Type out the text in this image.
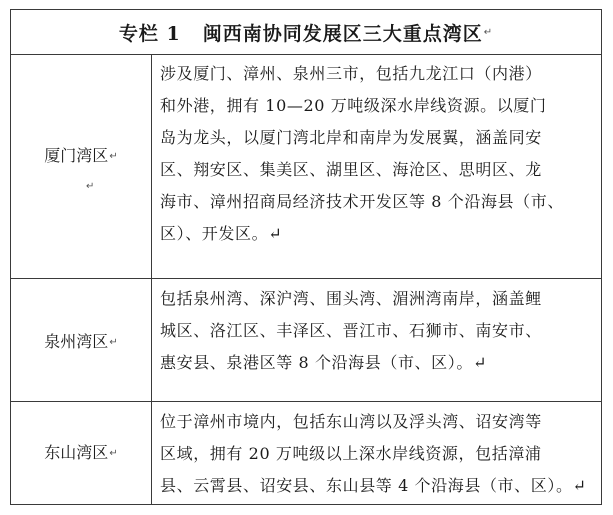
专栏 1 闽西南协同发展区三大重点湾区 ↵
厦门湾区↵
↵
涉及厦门、漳州、泉州三市，包括九龙江口（内港）
和外港，拥有 10—20 万吨级深水岸线资源。以厦门
岛为龙头，以厦门湾北岸和南岸为发展翼，涵盖同安
区、翔安区、集美区、湖里区、海沧区、思明区、龙
海市、漳州招商局经济技术开发区等 8 个沿海县（市、
区）、开发区。↵
泉州湾区↵
包括泉州湾、深沪湾、围头湾、湄洲湾南岸，涵盖鲤
城区、洛江区、丰泽区、晋江市、石狮市、南安市、
惠安县、泉港区等 8 个沿海县（市、区）。↵
东山湾区↵
位于漳州市境内，包括东山湾以及浮头湾、诏安湾等
区域，拥有 20 万吨级以上深水岸线资源，包括漳浦
县、云霄县、诏安县、东山县等 4 个沿海县（市、区）。↵
